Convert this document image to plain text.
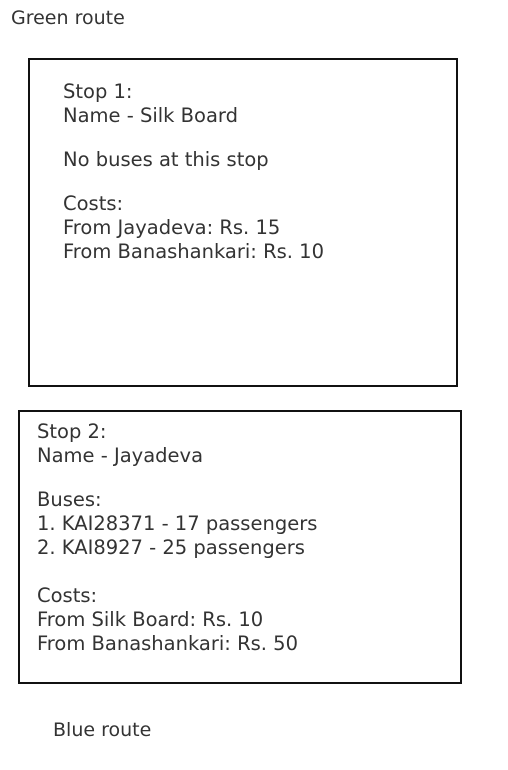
Green route
Stop 1:
Name - Silk Board
No buses at this stop
Costs:
From Jayadeva: Rs. 15
From Banashankari: Rs. 10
Stop 2:
Name - Jayadeva
Buses:
1. KAI28371 - 17 passengers
2. KAI8927 - 25 passengers
Costs:
From Silk Board: Rs. 10
From Banashankari: Rs. 50
Blue route
